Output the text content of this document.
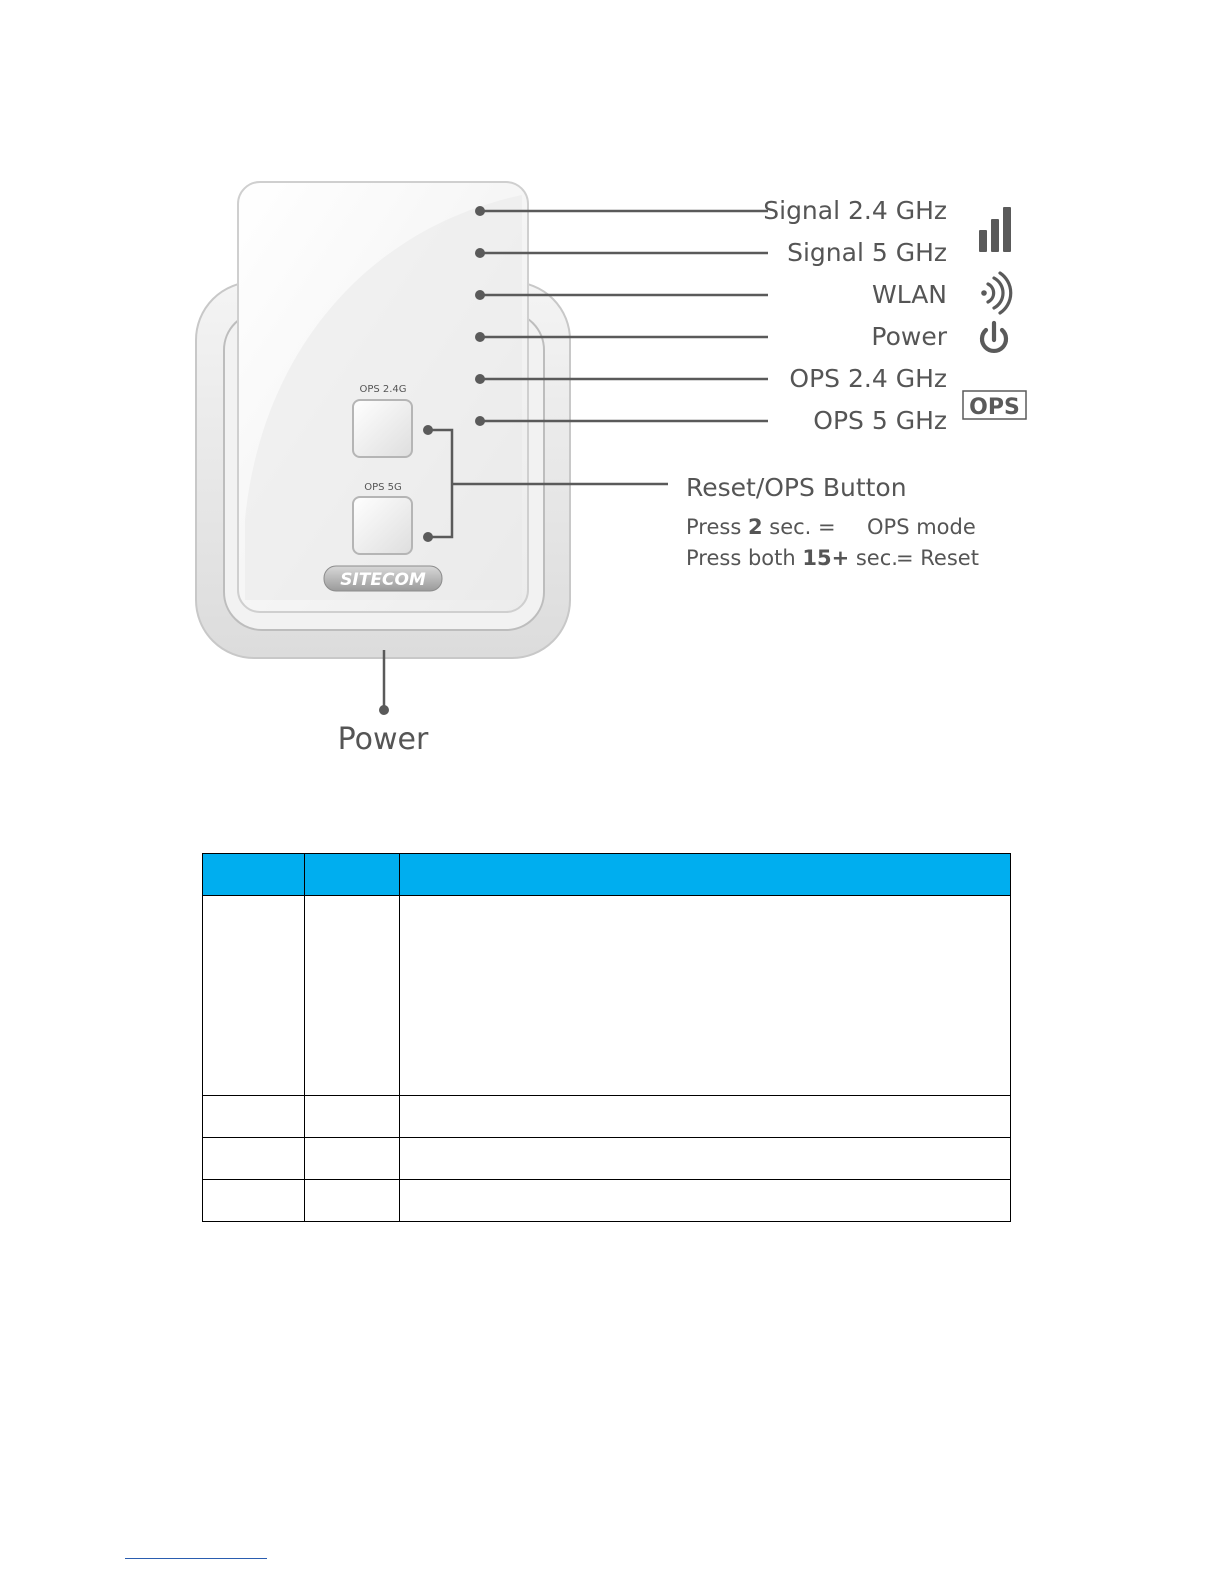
OPS 2.4G
OPS 5G
SITECOM
Signal 2.4 GHz
Signal 5 GHz
WLAN
Power
OPS 2.4 GHz
OPS 5 GHz OPS
Reset/OPS Button
Press 2 sec. = OPS mode
Press both 15+ sec.
= Reset
Power
